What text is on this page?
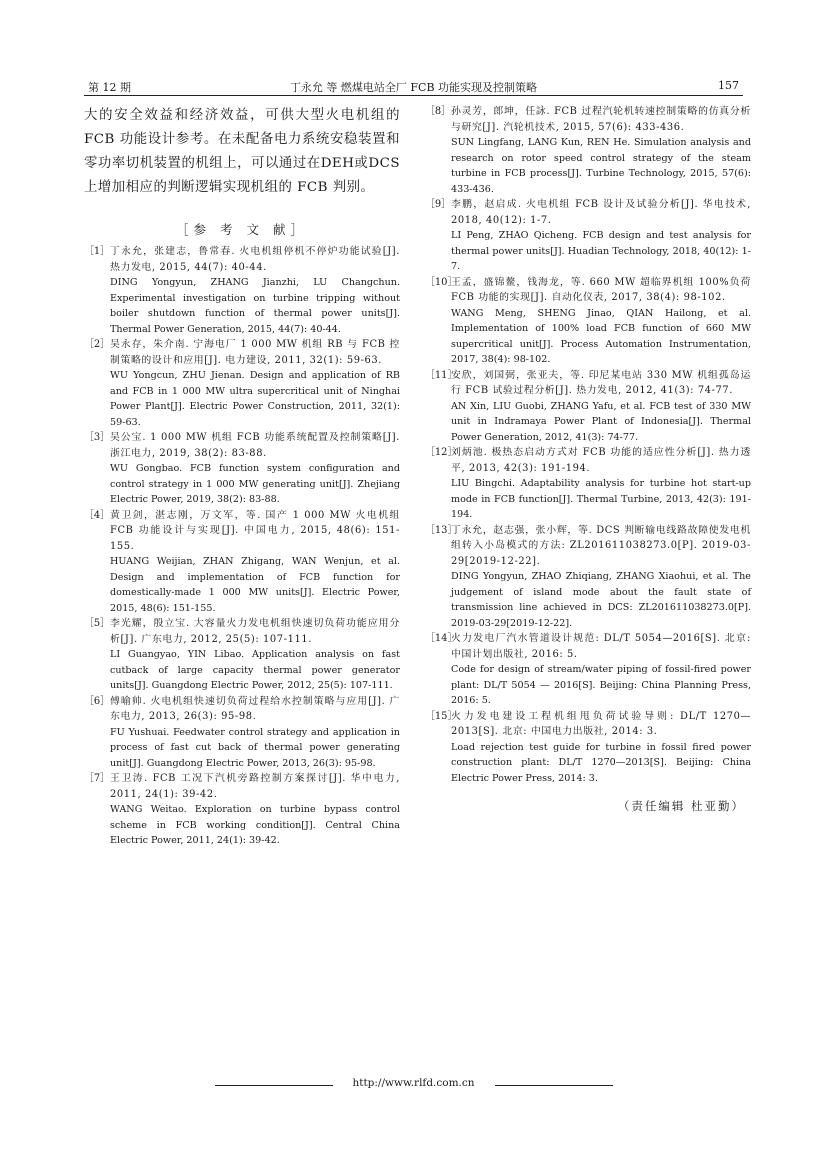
第 12 期	丁永允 等 燃煤电站全厂 FCB 功能实现及控制策略	157

大的安全效益和经济效益，可供大型火电机组的FCB 功能设计参考。在未配备电力系统安稳装置和零功率切机装置的机组上，可以通过在DEH或DCS上增加相应的判断逻辑实现机组的 FCB 判别。

［参 考 文 献］
［1］ 丁永允，张建志，鲁常春. 火电机组停机不停炉功能试验[J]. 热力发电, 2015, 44(7): 40-44.

DING Yongyun, ZHANG Jianzhi, LU Changchun. Experimental investigation on turbine tripping without boiler shutdown function of thermal power units[J]. Thermal Power Generation, 2015, 44(7): 40-44.

［2］ 吴永存，朱介南. 宁海电厂 1 000 MW 机组 RB 与 FCB 控制策略的设计和应用[J]. 电力建设, 2011, 32(1): 59-63.

WU Yongcun, ZHU Jienan. Design and application of RB and FCB in 1 000 MW ultra supercritical unit of Ninghai Power Plant[J]. Electric Power Construction, 2011, 32(1): 59-63.

［3］ 吴公宝. 1 000 MW 机组 FCB 功能系统配置及控制策略[J]. 浙江电力, 2019, 38(2): 83-88.

WU Gongbao. FCB function system configuration and control strategy in 1 000 MW generating unit[J]. Zhejiang Electric Power, 2019, 38(2): 83-88.

［4］ 黄卫剑，湛志刚，万文军，等. 国产 1 000 MW 火电机组 FCB 功能设计与实现[J]. 中国电力, 2015, 48(6): 151-155.

HUANG Weijian, ZHAN Zhigang, WAN Wenjun, et al. Design and implementation of FCB function for domestically-made 1 000 MW units[J]. Electric Power, 2015, 48(6): 151-155.

［5］ 李光耀，殷立宝. 大容量火力发电机组快速切负荷功能应用分析[J]. 广东电力, 2012, 25(5): 107-111.

LI Guangyao, YIN Libao. Application analysis on fast cutback of large capacity thermal power generator units[J]. Guangdong Electric Power, 2012, 25(5): 107-111.

［6］ 傅喻帅. 火电机组快速切负荷过程给水控制策略与应用[J]. 广东电力, 2013, 26(3): 95-98.

FU Yushuai. Feedwater control strategy and application in process of fast cut back of thermal power generating unit[J]. Guangdong Electric Power, 2013, 26(3): 95-98.

［7］ 王卫涛. FCB 工况下汽机旁路控制方案探讨[J]. 华中电力, 2011, 24(1): 39-42.

WANG Weitao. Exploration on turbine bypass control scheme in FCB working condition[J]. Central China Electric Power, 2011, 24(1): 39-42.

［8］ 孙灵芳，郎坤，任詠. FCB 过程汽轮机转速控制策略的仿真分析与研究[J]. 汽轮机技术, 2015, 57(6): 433-436.

SUN Lingfang, LANG Kun, REN He. Simulation analysis and research on rotor speed control strategy of the steam turbine in FCB process[J]. Turbine Technology, 2015, 57(6): 433-436.

［9］ 李鹏，赵启成. 火电机组 FCB 设计及试验分析[J]. 华电技术, 2018, 40(12): 1-7.

LI Peng, ZHAO Qicheng. FCB design and test analysis for thermal power units[J]. Huadian Technology, 2018, 40(12): 1-7.

［10］

王孟，盛锦鳌，钱海龙，等. 660 MW 超临界机组 100%负荷 FCB 功能的实现[J]. 自动化仪表, 2017, 38(4): 98-102.

WANG Meng, SHENG Jinao, QIAN Hailong, et al. Implementation of 100% load FCB function of 660 MW supercritical unit[J]. Process Automation Instrumentation, 2017, 38(4): 98-102.

［11］

安欣，刘国弼，张亚夫，等. 印尼某电站 330 MW 机组孤岛运行 FCB 试验过程分析[J]. 热力发电, 2012, 41(3): 74-77.

AN Xin, LIU Guobi, ZHANG Yafu, et al. FCB test of 330 MW unit in Indramaya Power Plant of Indonesia[J]. Thermal Power Generation, 2012, 41(3): 74-77.

［12］

刘炳池. 极热态启动方式对 FCB 功能的适应性分析[J]. 热力透平, 2013, 42(3): 191-194.

LIU Bingchi. Adaptability analysis for turbine hot start-up mode in FCB function[J]. Thermal Turbine, 2013, 42(3): 191-194.

［13］

丁永允，赵志强，张小辉，等. DCS 判断输电线路故障使发电机组转入小岛模式的方法: ZL201611038273.0[P]. 2019-03-29[2019-12-22].

DING Yongyun, ZHAO Zhiqiang, ZHANG Xiaohui, et al. The judgement of island mode about the fault state of transmission line achieved in DCS: ZL201611038273.0[P]. 2019-03-29[2019-12-22].

［14］

火力发电厂汽水管道设计规范: DL/T 5054—2016[S]. 北京: 中国计划出版社, 2016: 5.

Code for design of stream/water piping of fossil-fired power plant: DL/T 5054 — 2016[S]. Beijing: China Planning Press, 2016: 5.

［15］

火力发电建设工程机组甩负荷试验导则: DL/T 1270—2013[S]. 北京: 中国电力出版社, 2014: 3.

Load rejection test guide for turbine in fossil fired power construction plant: DL/T 1270—2013[S]. Beijing: China Electric Power Press, 2014: 3.

（责任编辑 杜亚勤）
http://www.rlfd.com.cn
